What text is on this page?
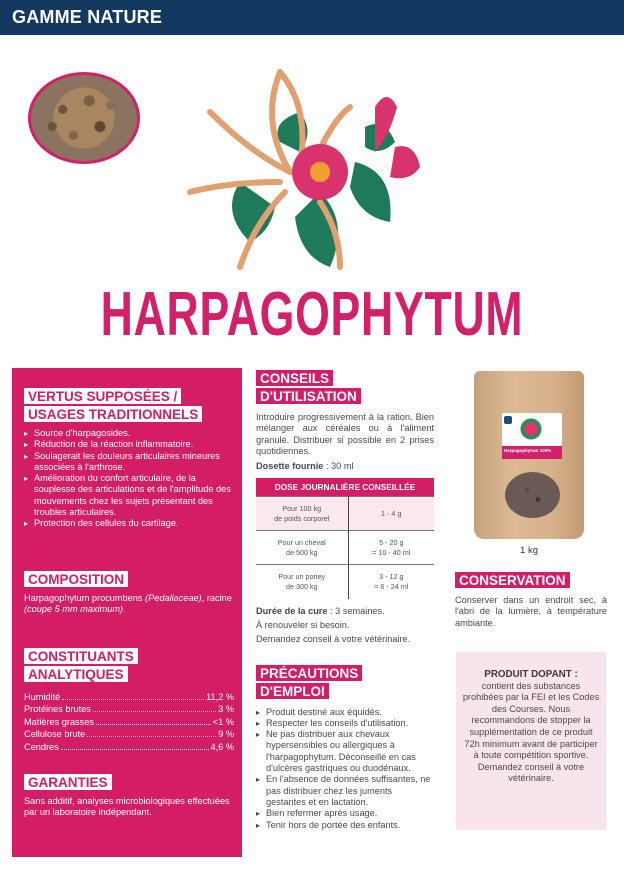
GAMME NATURE
HARPAGOPHYTUM
VERTUS SUPPOSÉES /
USAGES TRADITIONNELS
▸ Source d'harpagosides.
▸ Réduction de la réaction inflammatoire.
▸ Soulagerait les douleurs articulaires mineures associées à l'arthrose.
▸ Amélioration du confort articulaire, de la souplesse des articulations et de l'amplitude des mouvements chez les sujets présentant des troubles articulaires.
▸ Protection des cellules du cartilage.
COMPOSITION

Harpagophytum procumbens (Pedaliaceae), racine (coupe 5 mm maximum).

CONSTITUANTS
ANALYTIQUES
Humidité	11,2 %
Protéines brutes	3 %
Matières grasses	<1 %
Cellulose brute	9 %
Cendres	4,6 %
GARANTIES

Sans additif, analyses microbiologiques effectuées par un laboratoire indépendant.

CONSEILS
D'UTILISATION

Introduire progressivement à la ration. Bien mélanger aux céréales ou à l'aliment granulé. Distribuer si possible en 2 prises quotidiennes.

Dosette fournie : 30 ml

DOSE JOURNALIÈRE CONSEILLÉE	
Pour 100 kg
de poids corporel	1 - 4 g
Pour un cheval
de 500 kg	5 - 20 g
= 10 - 40 ml
Pour un poney
de 300 kg	3 - 12 g
= 6 - 24 ml

Durée de la cure : 3 semaines.

À renouveler si besoin.

Demandez conseil à votre vétérinaire.

PRÉCAUTIONS
D'EMPLOI
▸ Produit destiné aux équidés.
▸ Respecter les conseils d'utilisation.
▸ Ne pas distribuer aux chevaux hypersensibles ou allergiques à l'harpagophytum. Déconseillé en cas d'ulcères gastriques ou duodénaux.
▸ En l'absence de données suffisantes, ne pas distribuer chez les juments gestantes et en lactation.
▸ Bien refermer après usage.
▸ Tenir hors de portée des enfants.
Harpagophytum 100%
1 kg
CONSERVATION

Conserver dans un endroit sec, à l'abri de la lumière, à température ambiante.

PRODUIT DOPANT :
contient des substances prohibées par la FEI et les Codes des Courses. Nous recommandons de stopper la supplémentation de ce produit 72h minimum avant de participer à toute compétition sportive. Demandez conseil à votre vétérinaire.
